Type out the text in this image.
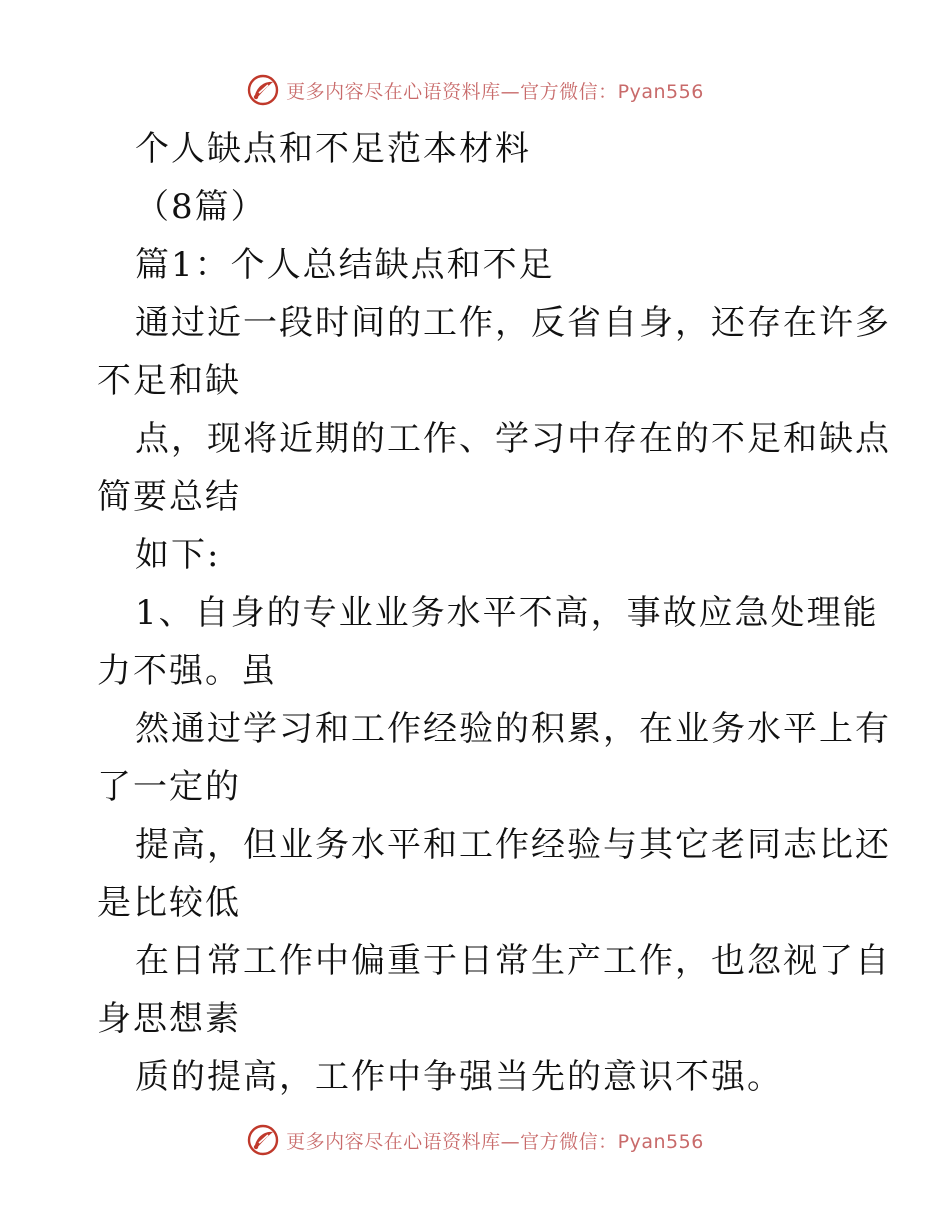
更多内容尽在心语资料库—官方微信：Pyan556
个人缺点和不足范本材料
（8篇）
篇1：个人总结缺点和不足
通过近一段时间的工作，反省自身，还存在许多
不足和缺
点，现将近期的工作、学习中存在的不足和缺点
简要总结
如下:
1、自身的专业业务水平不高，事故应急处理能
力不强。虽
然通过学习和工作经验的积累，在业务水平上有
了一定的
提高，但业务水平和工作经验与其它老同志比还
是比较低
在日常工作中偏重于日常生产工作，也忽视了自
身思想素
质的提高，工作中争强当先的意识不强。
更多内容尽在心语资料库—官方微信：Pyan556
